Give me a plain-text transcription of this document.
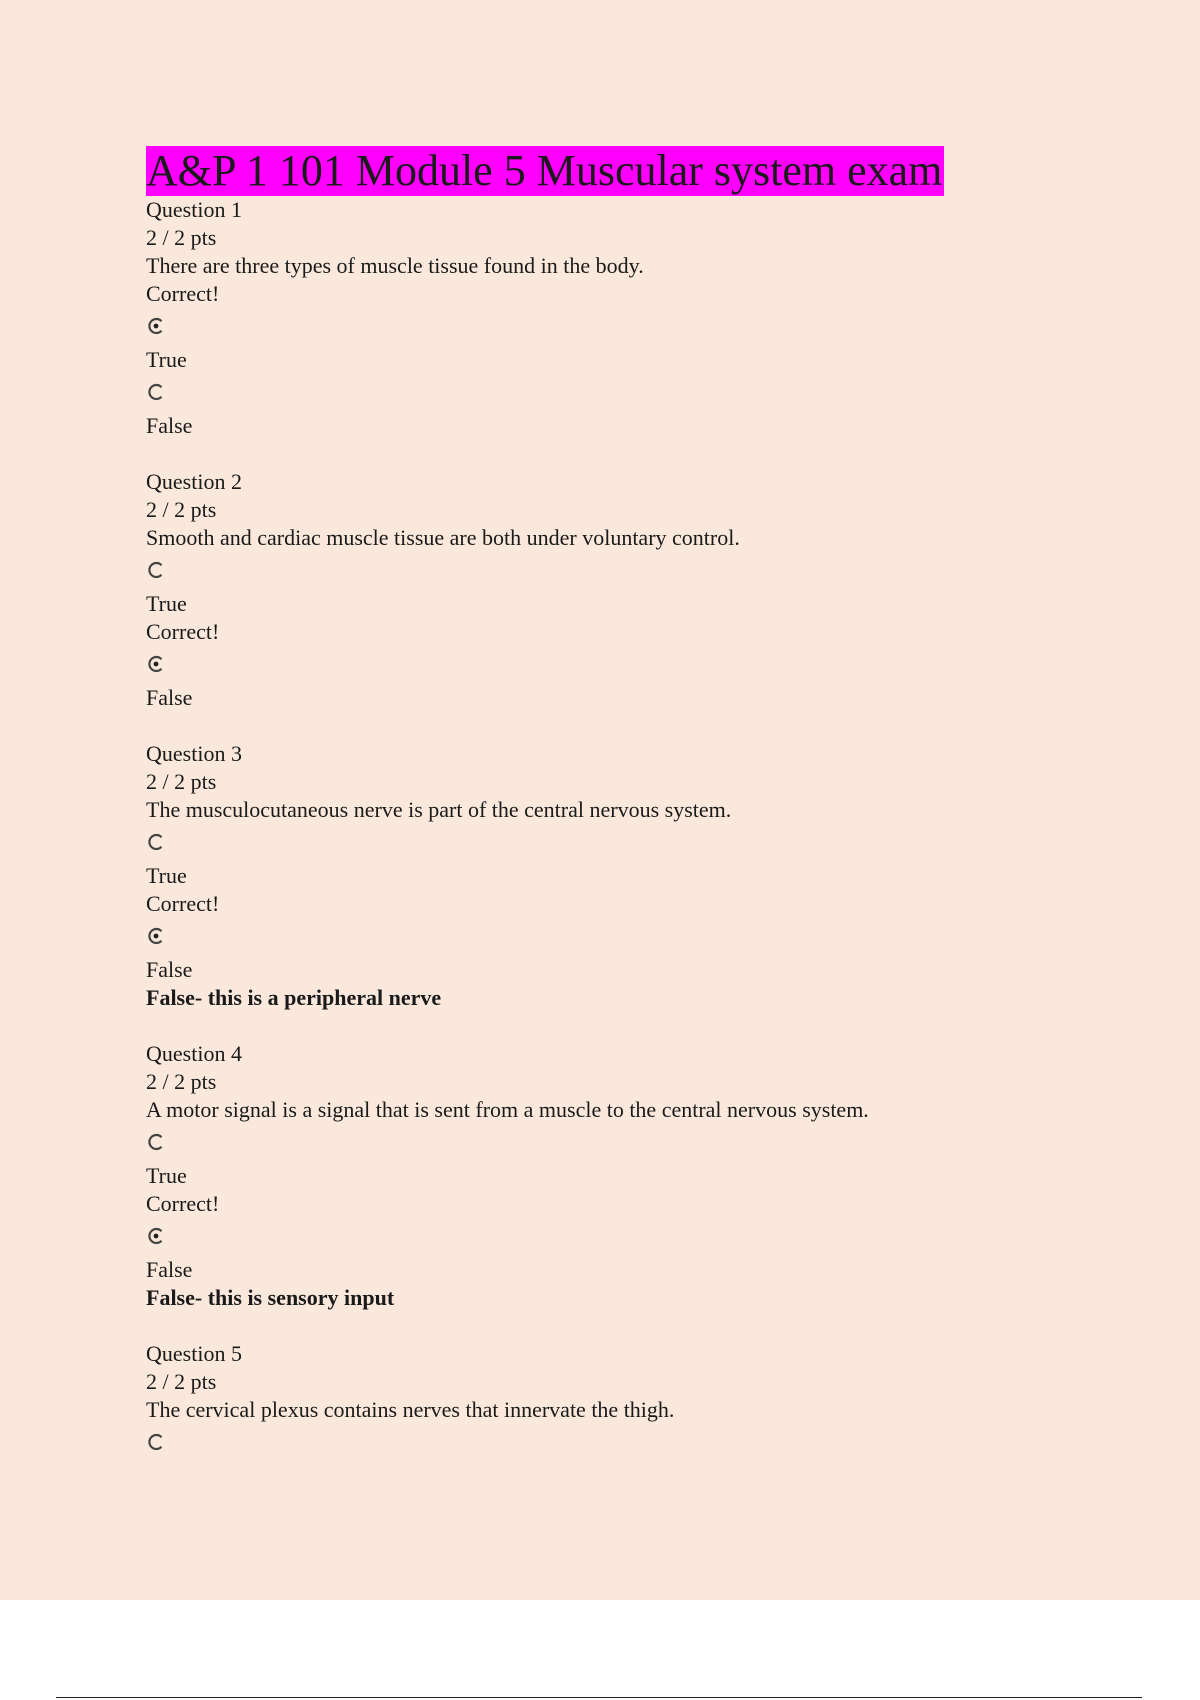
A&P 1 101 Module 5 Muscular system exam

Question 1

2 / 2 pts

There are three types of muscle tissue found in the body. Correct!

True

False

Question 2

2 / 2 pts

Smooth and cardiac muscle tissue are both under voluntary control.

True

Correct!

False

Question 3

2 / 2 pts

The musculocutaneous nerve is part of the central nervous system.

True

Correct!

False

False- this is a peripheral nerve

Question 4

2 / 2 pts

A motor signal is a signal that is sent from a muscle to the central nervous system.

True

Correct!

False

False- this is sensory input

Question 5

2 / 2 pts

The cervical plexus contains nerves that innervate the thigh.
